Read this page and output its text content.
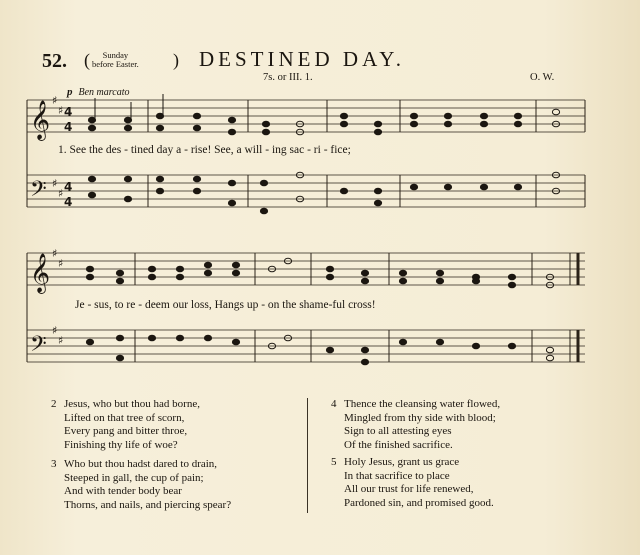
52. (	Sunday
before Easter. ) DESTINED DAY.
7s. or III. 1.	O. W.
p Ben marcato
𝄞
𝄢
𝄞
𝄢
♯
♯
♯
♯
♯
♯
♯
♯
4
4
4
4
1. See the des - tined day a - rise! See, a will - ing sac - ri - fice;
Je - sus, to re - deem our loss, Hangs up - on the shame-ful cross!
2 Jesus, who but thou had borne,
Lifted on that tree of scorn,
Every pang and bitter throe,
Finishing thy life of woe?
3 Who but thou hadst dared to drain,
Steeped in gall, the cup of pain;
And with tender body bear
Thorns, and nails, and piercing spear?
4 Thence the cleansing water flowed,
Mingled from thy side with blood;
Sign to all attesting eyes
Of the finished sacrifice.
5 Holy Jesus, grant us grace
In that sacrifice to place
All our trust for life renewed,
Pardoned sin, and promised good.
